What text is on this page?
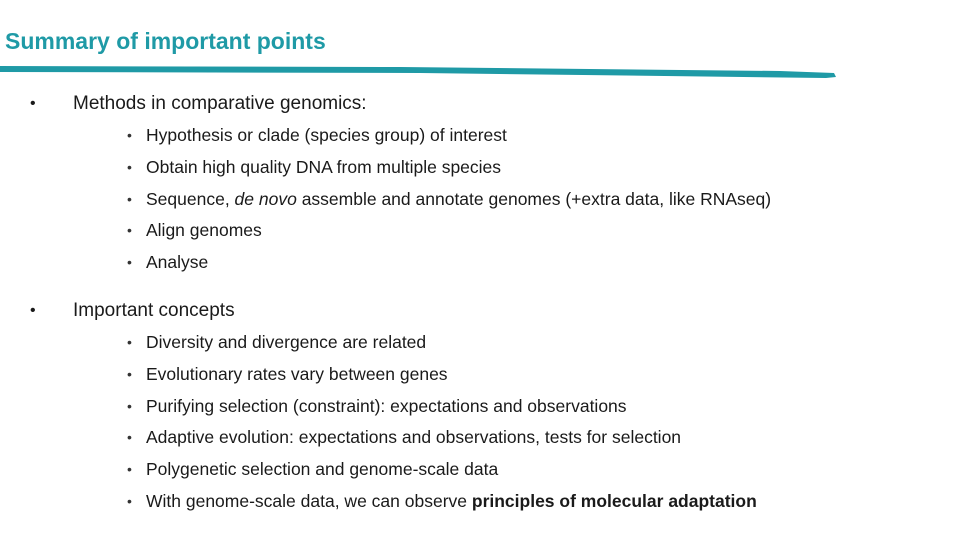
Summary of important points
• Methods in comparative genomics:
• Hypothesis or clade (species group) of interest
• Obtain high quality DNA from multiple species
• Sequence, de novo assemble and annotate genomes (+extra data, like RNAseq)
• Align genomes
• Analyse
• Important concepts
• Diversity and divergence are related
• Evolutionary rates vary between genes
• Purifying selection (constraint): expectations and observations
• Adaptive evolution: expectations and observations, tests for selection
• Polygenetic selection and genome-scale data
• With genome-scale data, we can observe principles of molecular adaptation
